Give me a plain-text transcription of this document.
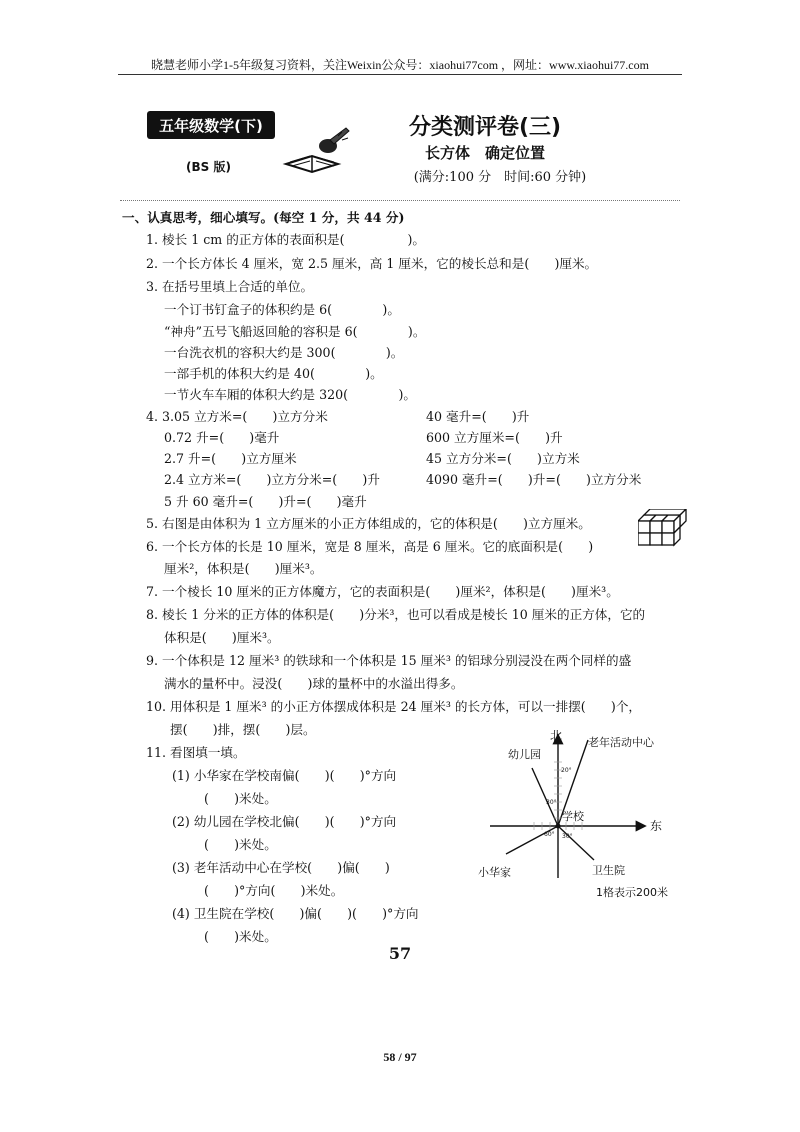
晓慧老师小学1-5年级复习资料，关注Weixin公众号：xiaohui77com ，网址：www.xiaohui77.com
五年级数学(下)
(BS 版)
分类测评卷(三)
长方体　确定位置
(满分:100 分　时间:60 分钟)
一、认真思考，细心填写。(每空 1 分，共 44 分)
1. 棱长 1 cm 的正方体的表面积是(　　　　　)。
2. 一个长方体长 4 厘米，宽 2.5 厘米，高 1 厘米，它的棱长总和是(　　)厘米。
3. 在括号里填上合适的单位。
一个订书钉盒子的体积约是 6(　　　　)。
“神舟”五号飞船返回舱的容积是 6(　　　　)。
一台洗衣机的容积大约是 300(　　　　)。
一部手机的体积大约是 40(　　　　)。
一节火车车厢的体积大约是 320(　　　　)。
4. 3.05 立方米=(　　)立方分米	40 毫升=(　　)升
0.72 升=(　　)毫升	600 立方厘米=(　　)升
2.7 升=(　　)立方厘米	45 立方分米=(　　)立方米
2.4 立方米=(　　)立方分米=(　　)升	4090 毫升=(　　)升=(　　)立方分米
5 升 60 毫升=(　　)升=(　　)毫升
5. 右图是由体积为 1 立方厘米的小正方体组成的，它的体积是(　　)立方厘米。
6. 一个长方体的长是 10 厘米，宽是 8 厘米，高是 6 厘米。它的底面积是(　　)
厘米²，体积是(　　)厘米³。
7. 一个棱长 10 厘米的正方体魔方，它的表面积是(　　)厘米²，体积是(　　)厘米³。
8. 棱长 1 分米的正方体的体积是(　　)分米³，也可以看成是棱长 10 厘米的正方体，它的
体积是(　　)厘米³。
9. 一个体积是 12 厘米³ 的铁球和一个体积是 15 厘米³ 的铝球分别浸没在两个同样的盛
满水的量杯中。浸没(　　)球的量杯中的水溢出得多。
10. 用体积是 1 厘米³ 的小正方体摆成体积是 24 厘米³ 的长方体，可以一排摆(　　)个，
摆(　　)排，摆(　　)层。
11. 看图填一填。
(1) 小华家在学校南偏(　　)(　　)°方向
(　　)米处。
(2) 幼儿园在学校北偏(　　)(　　)°方向
(　　)米处。
(3) 老年活动中心在学校(　　)偏(　　)
(　　)°方向(　　)米处。
(4) 卫生院在学校(　　)偏(　　)(　　)°方向
(　　)米处。
北
东
学校
幼儿园
老年活动中心
小华家	卫生院
1格表示200米
20°
30°
60° 30°
57
58 / 97
